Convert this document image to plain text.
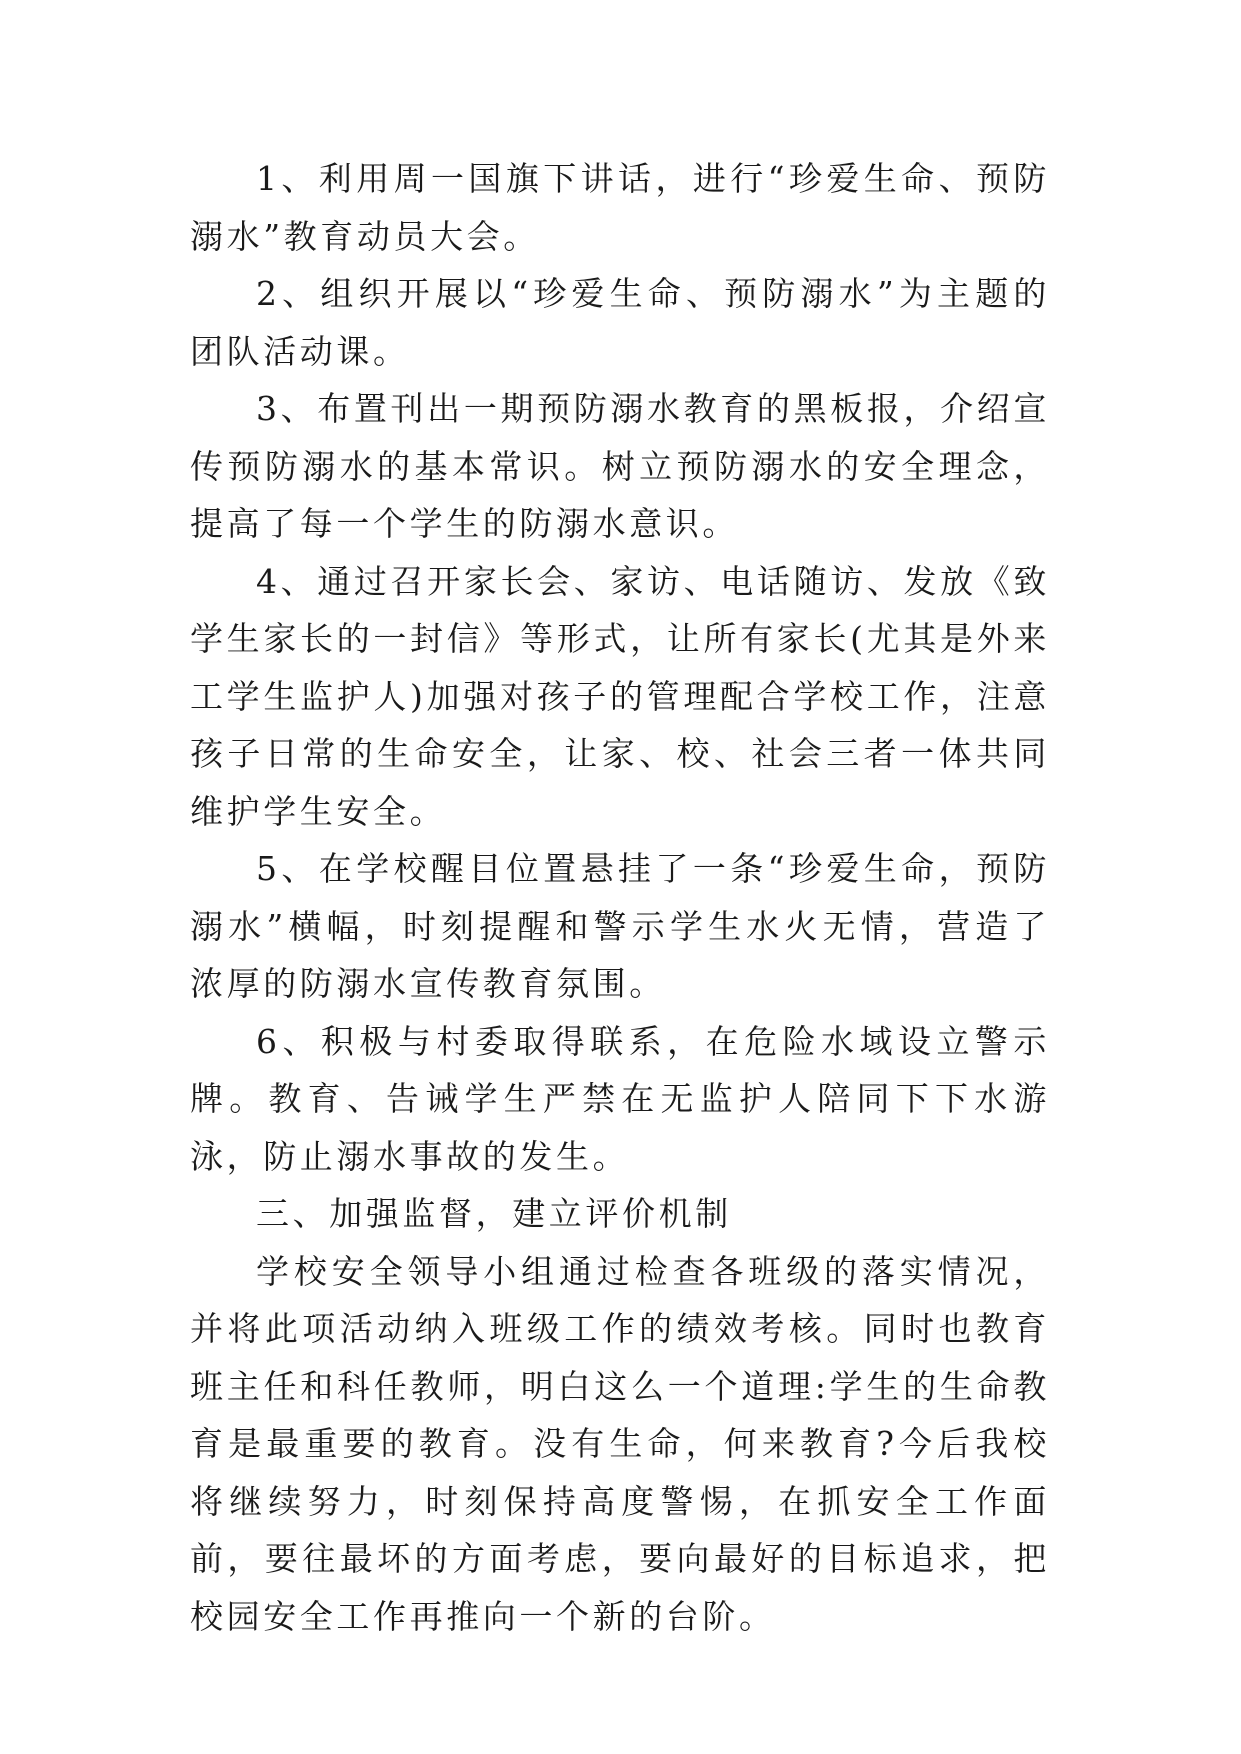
1、利用周一国旗下讲话，进行“珍爱生命、预防溺水”教育动员大会。

2、组织开展以“珍爱生命、预防溺水”为主题的团队活动课。

3、布置刊出一期预防溺水教育的黑板报，介绍宣传预防溺水的基本常识。树立预防溺水的安全理念，提高了每一个学生的防溺水意识。

4、通过召开家长会、家访、电话随访、发放《致学生家长的一封信》等形式，让所有家长(尤其是外来工学生监护人)加强对孩子的管理配合学校工作，注意孩子日常的生命安全，让家、校、社会三者一体共同维护学生安全。

5、在学校醒目位置悬挂了一条“珍爱生命，预防溺水”横幅，时刻提醒和警示学生水火无情，营造了浓厚的防溺水宣传教育氛围。

6、积极与村委取得联系，在危险水域设立警示牌。教育、告诫学生严禁在无监护人陪同下下水游泳，防止溺水事故的发生。

三、加强监督，建立评价机制

学校安全领导小组通过检查各班级的落实情况，并将此项活动纳入班级工作的绩效考核。同时也教育班主任和科任教师，明白这么一个道理:学生的生命教育是最重要的教育。没有生命，何来教育?今后我校将继续努力，时刻保持高度警惕，在抓安全工作面前，要往最坏的方面考虑，要向最好的目标追求，把校园安全工作再推向一个新的台阶。
